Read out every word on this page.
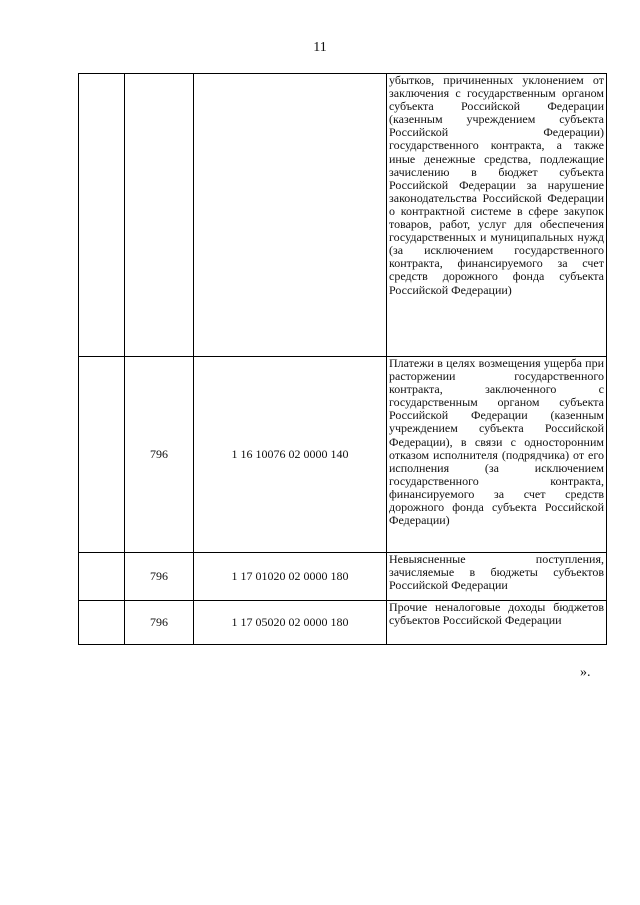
11
			убытков, причиненных уклонением от заключения с государственным органом субъекта Российской Федерации (казенным учреждением субъекта Российской Федерации) государственного контракта, а также иные денежные средства, подлежащие зачислению в бюджет субъекта Российской Федерации за нарушение законодательства Российской Федерации о контрактной системе в сфере закупок товаров, работ, услуг для обеспечения государственных и муниципальных нужд (за исключением государственного контракта, финансируемого за счет средств дорожного фонда субъекта Российской Федерации)
	796	1 16 10076 02 0000 140	Платежи в целях возмещения ущерба при расторжении государственного контракта, заключенного с государственным органом субъекта Российской Федерации (казенным учреждением субъекта Российской Федерации), в связи с односторонним отказом исполнителя (подрядчика) от его исполнения (за исключением государственного контракта, финансируемого за счет средств дорожного фонда субъекта Российской Федерации)
	796	1 17 01020 02 0000 180	Невыясненные поступления, зачисляемые в бюджеты субъектов Российской Федерации
	796	1 17 05020 02 0000 180	Прочие неналоговые доходы бюджетов субъектов Российской Федерации
».
